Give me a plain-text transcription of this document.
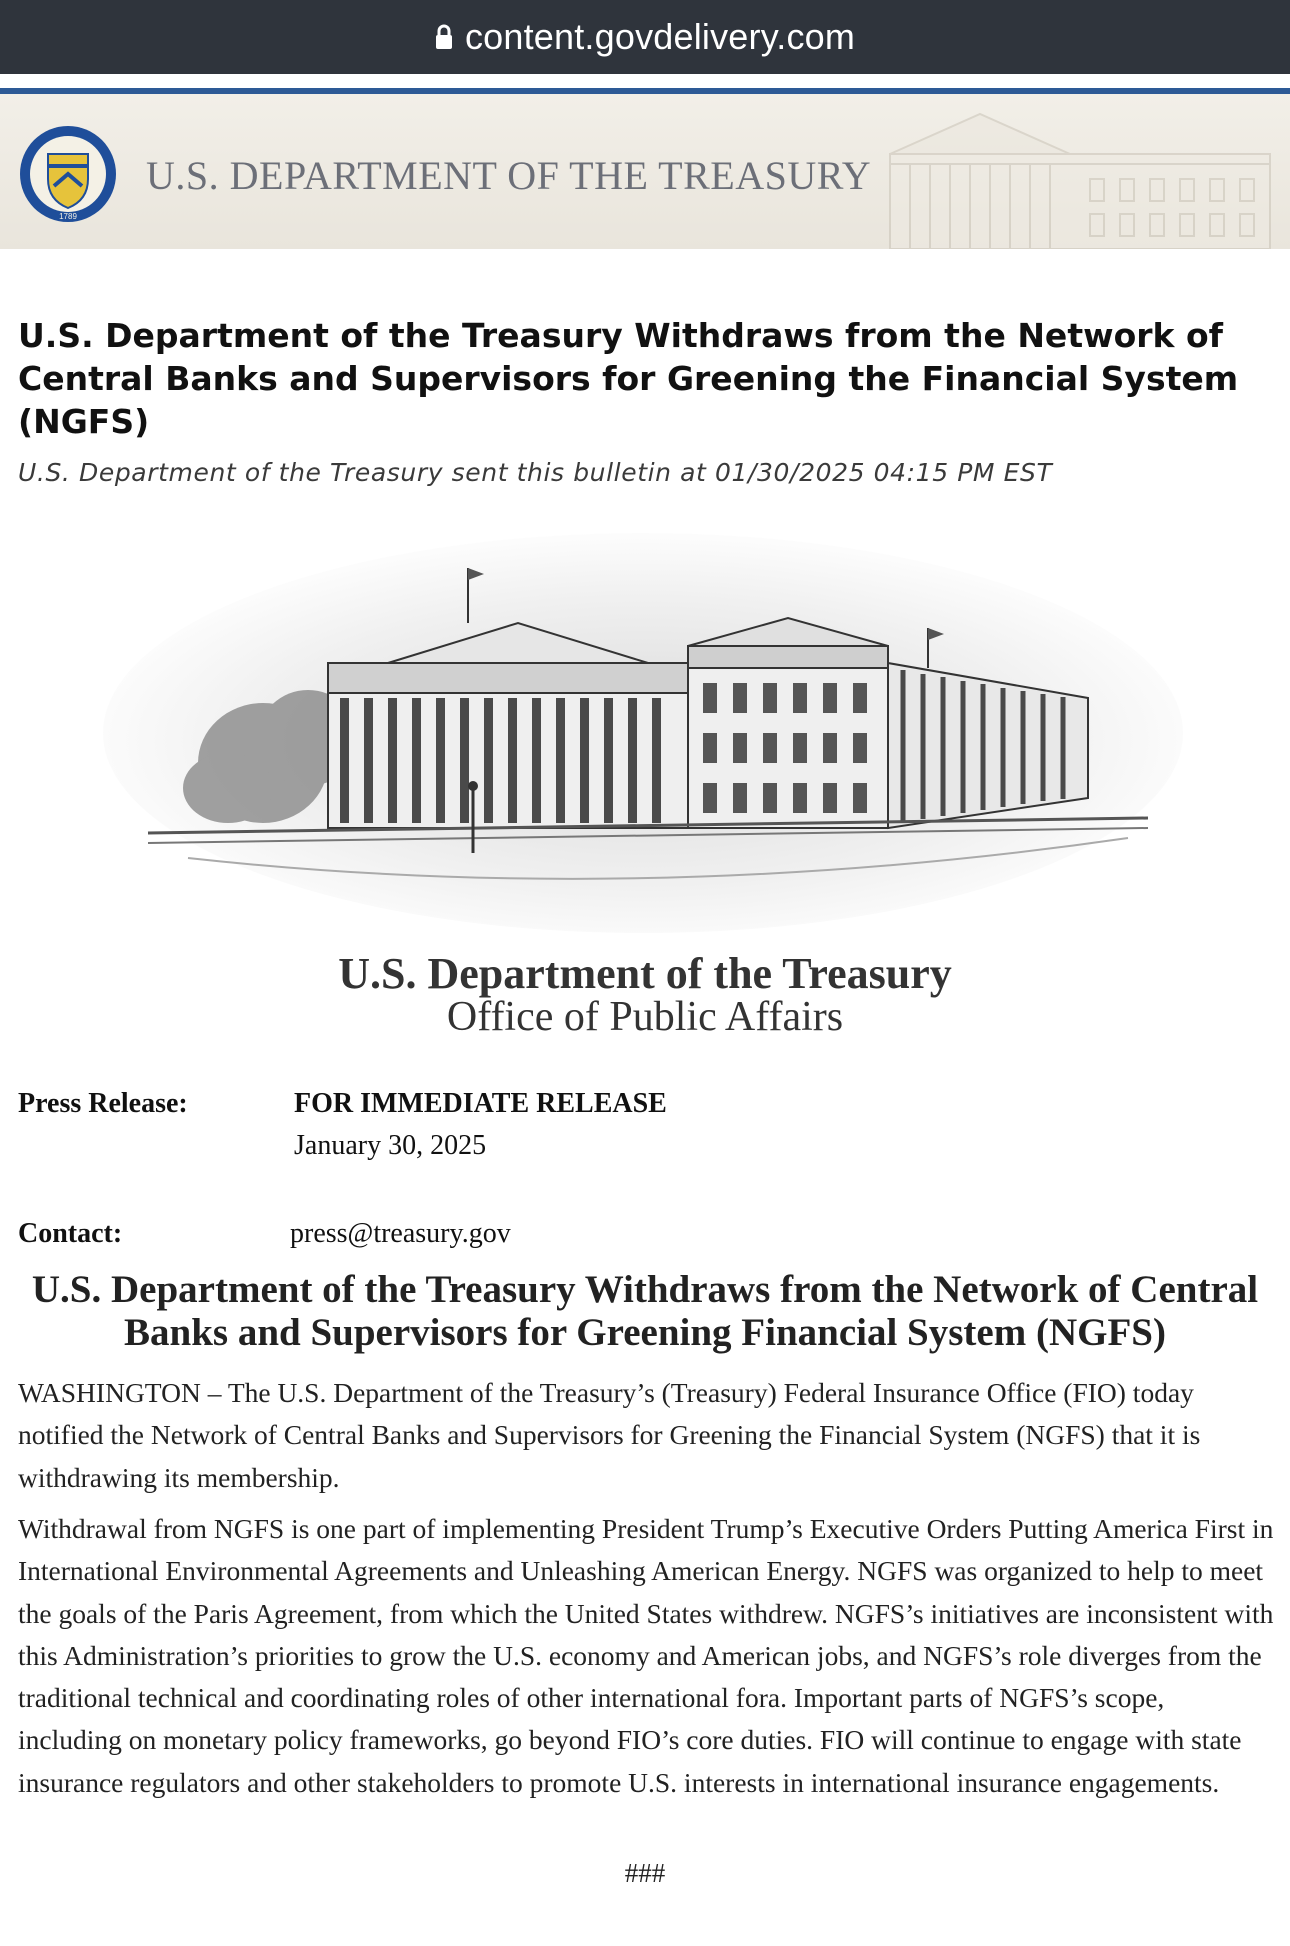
content.govdelivery.com
1789
U.S. DEPARTMENT OF THE TREASURY
U.S. Department of the Treasury Withdraws from the Network of Central Banks and Supervisors for Greening the Financial System (NGFS)
U.S. Department of the Treasury sent this bulletin at 01/30/2025 04:15 PM EST
U.S. Department of the Treasury
Office of Public Affairs
Press Release:	FOR IMMEDIATE RELEASE
January 30, 2025
Contact:	press@treasury.gov
U.S. Department of the Treasury Withdraws from the Network of Central Banks and Supervisors for Greening Financial System (NGFS)
WASHINGTON – The U.S. Department of the Treasury’s (Treasury) Federal Insurance Office (FIO) today notified the Network of Central Banks and Supervisors for Greening the Financial System (NGFS) that it is withdrawing its membership.
Withdrawal from NGFS is one part of implementing President Trump’s Executive Orders Putting America First in International Environmental Agreements and Unleashing American Energy. NGFS was organized to help to meet the goals of the Paris Agreement, from which the United States withdrew. NGFS’s initiatives are inconsistent with this Administration’s priorities to grow the U.S. economy and American jobs, and NGFS’s role diverges from the traditional technical and coordinating roles of other international fora. Important parts of NGFS’s scope, including on monetary policy frameworks, go beyond FIO’s core duties. FIO will continue to engage with state insurance regulators and other stakeholders to promote U.S. interests in international insurance engagements.
###
